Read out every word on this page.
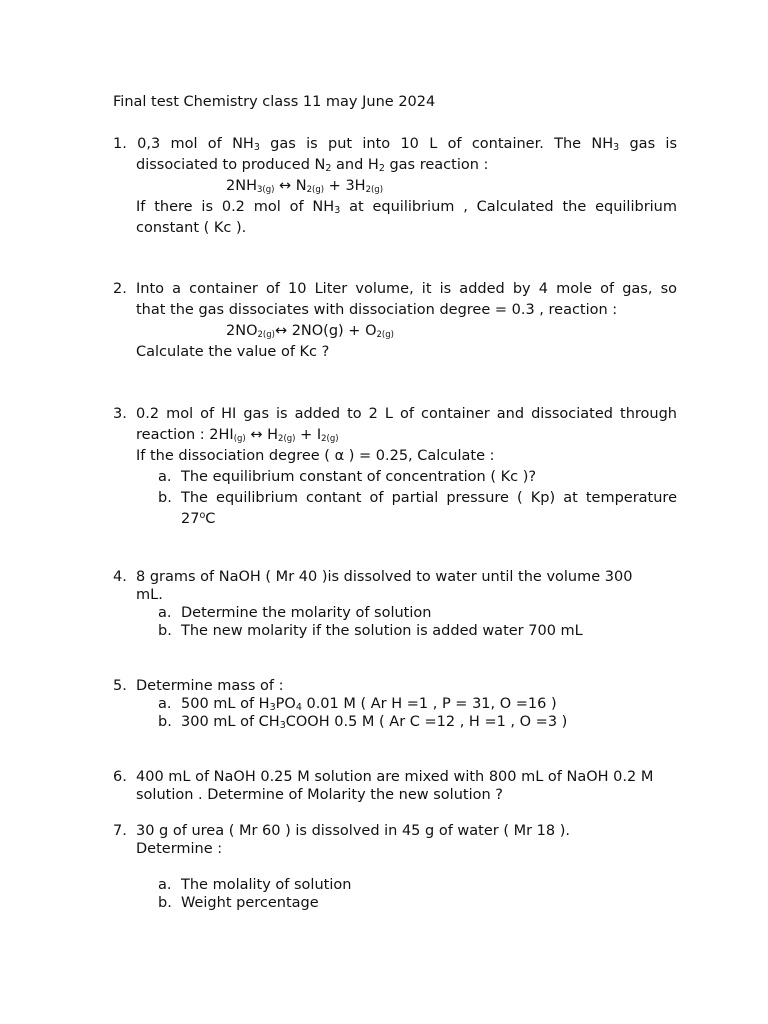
Final test Chemistry class 11 may June 2024
1. 0,3 mol of $NH_3$ gas is put into 10 L of container. The $NH_3$ gas is
dissociated to produced $N_2$ and $H_2$ gas reaction :
2NH3(g) ↔ N2(g) + 3H2(g)
If there is 0.2 mol of $NH_3$ at equilibrium , Calculated the equilibrium
constant ( Kc ).
2. Into a container of 10 Liter volume, it is added by 4 mole of gas, so
that the gas dissociates with dissociation degree = 0.3 , reaction :
2NO2(g)↔ 2NO(g) + O2(g)
Calculate the value of Kc ?
3. 0.2 mol of HI gas is added to 2 L of container and dissociated through
reaction : 2HI(g) ↔ H2(g) + I2(g)
If the dissociation degree ( α ) = 0.25, Calculate :
a. The equilibrium constant of concentration ( Kc )?
b. The equilibrium contant of partial pressure ( Kp) at temperature
27$^o$C
4. 8 grams of NaOH ( Mr 40 )is dissolved to water until the volume 300
mL.
a. Determine the molarity of solution
b. The new molarity if the solution is added water 700 mL
5. Determine mass of :
a. 500 mL of $H_3PO_4$ 0.01 M ( Ar H =1 , P = 31, O =16 )
b. 300 mL of $CH_3COOH$ 0.5 M ( Ar C =12 , H =1 , O =3 )
6. 400 mL of NaOH 0.25 M solution are mixed with 800 mL of NaOH 0.2 M
solution . Determine of Molarity the new solution ?
7. 30 g of urea ( Mr 60 ) is dissolved in 45 g of water ( Mr 18 ).
Determine :
a. The molality of solution
b. Weight percentage
